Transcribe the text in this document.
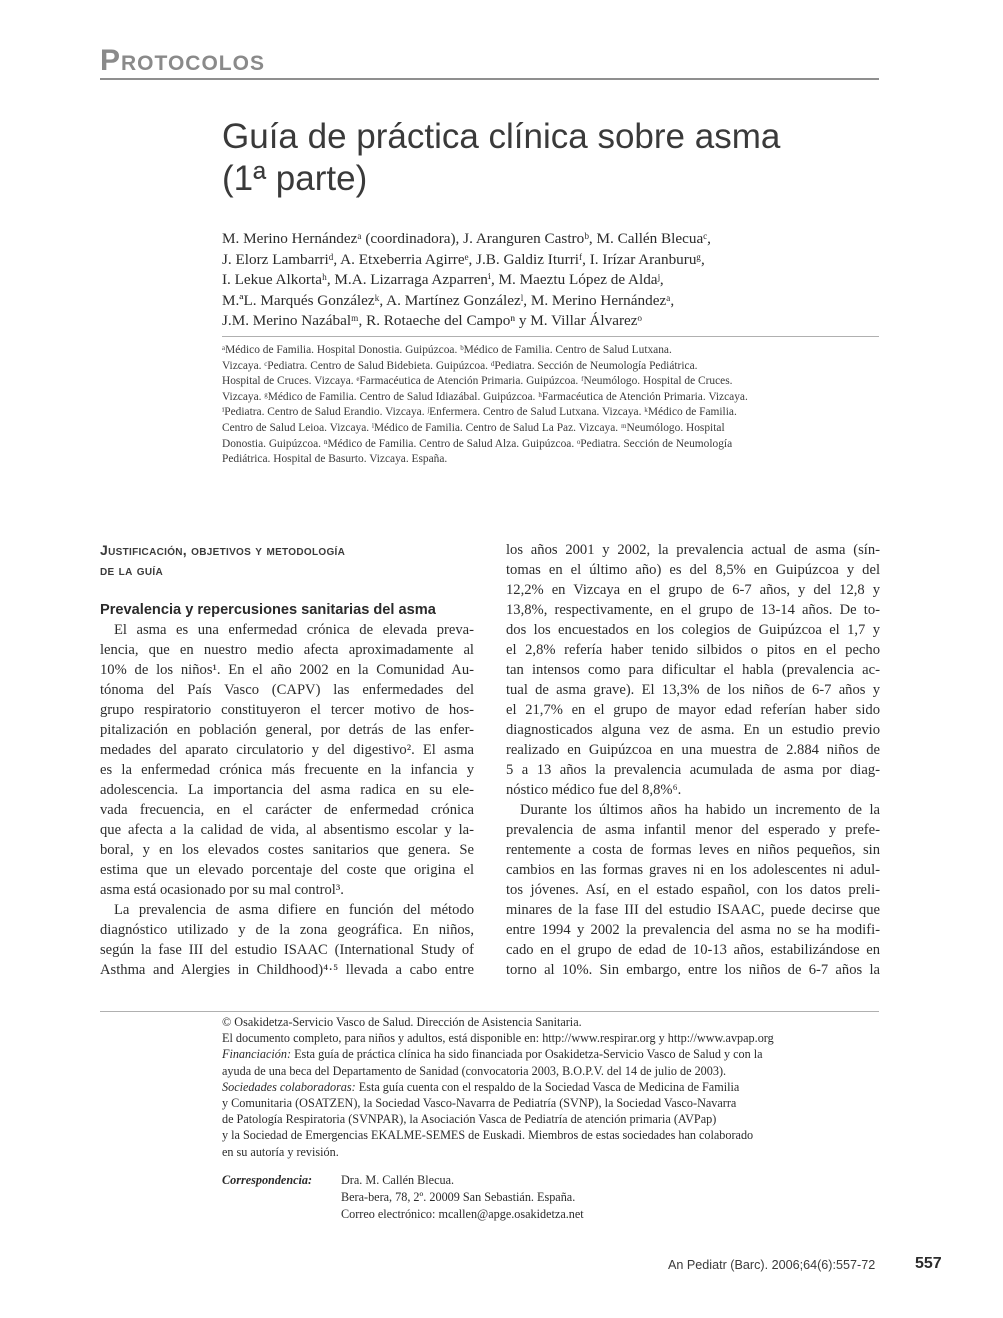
Protocolos
Guía de práctica clínica sobre asma
(1ª parte)
M. Merino Hernándezᵃ (coordinadora), J. Aranguren Castroᵇ, M. Callén Blecuaᶜ,
J. Elorz Lambarriᵈ, A. Etxeberria Agirreᵉ, J.B. Galdiz Iturriᶠ, I. Irízar Aranburuᵍ,
I. Lekue Alkortaʰ, M.A. Lizarraga Azparrenⁱ, M. Maeztu López de Aldaʲ,
M.ªL. Marqués Gonzálezᵏ, A. Martínez Gonzálezˡ, M. Merino Hernándezᵃ,
J.M. Merino Nazábalᵐ, R. Rotaeche del Campoⁿ y M. Villar Álvarezᵒ
ᵃMédico de Familia. Hospital Donostia. Guipúzcoa. ᵇMédico de Familia. Centro de Salud Lutxana.
Vizcaya. ᶜPediatra. Centro de Salud Bidebieta. Guipúzcoa. ᵈPediatra. Sección de Neumología Pediátrica.
Hospital de Cruces. Vizcaya. ᵉFarmacéutica de Atención Primaria. Guipúzcoa. ᶠNeumólogo. Hospital de Cruces.
Vizcaya. ᵍMédico de Familia. Centro de Salud Idiazábal. Guipúzcoa. ʰFarmacéutica de Atención Primaria. Vizcaya.
ⁱPediatra. Centro de Salud Erandio. Vizcaya. ʲEnfermera. Centro de Salud Lutxana. Vizcaya. ᵏMédico de Familia.
Centro de Salud Leioa. Vizcaya. ˡMédico de Familia. Centro de Salud La Paz. Vizcaya. ᵐNeumólogo. Hospital
Donostia. Guipúzcoa. ⁿMédico de Familia. Centro de Salud Alza. Guipúzcoa. ᵒPediatra. Sección de Neumología
Pediátrica. Hospital de Basurto. Vizcaya. España.
Justificación, objetivos y metodología
de la guía
Prevalencia y repercusiones sanitarias del asma
El asma es una enfermedad crónica de elevada preva-
lencia, que en nuestro medio afecta aproximadamente al
10% de los niños¹. En el año 2002 en la Comunidad Au-
tónoma del País Vasco (CAPV) las enfermedades del
grupo respiratorio constituyeron el tercer motivo de hos-
pitalización en población general, por detrás de las enfer-
medades del aparato circulatorio y del digestivo². El asma
es la enfermedad crónica más frecuente en la infancia y
adolescencia. La importancia del asma radica en su ele-
vada frecuencia, en el carácter de enfermedad crónica
que afecta a la calidad de vida, al absentismo escolar y la-
boral, y en los elevados costes sanitarios que genera. Se
estima que un elevado porcentaje del coste que origina el
asma está ocasionado por su mal control³.
La prevalencia de asma difiere en función del método
diagnóstico utilizado y de la zona geográfica. En niños,
según la fase III del estudio ISAAC (International Study of
Asthma and Alergies in Childhood)⁴·⁵ llevada a cabo entre
los años 2001 y 2002, la prevalencia actual de asma (sín-
tomas en el último año) es del 8,5% en Guipúzcoa y del
12,2% en Vizcaya en el grupo de 6-7 años, y del 12,8 y
13,8%, respectivamente, en el grupo de 13-14 años. De to-
dos los encuestados en los colegios de Guipúzcoa el 1,7 y
el 2,8% refería haber tenido silbidos o pitos en el pecho
tan intensos como para dificultar el habla (prevalencia ac-
tual de asma grave). El 13,3% de los niños de 6-7 años y
el 21,7% en el grupo de mayor edad referían haber sido
diagnosticados alguna vez de asma. En un estudio previo
realizado en Guipúzcoa en una muestra de 2.884 niños de
5 a 13 años la prevalencia acumulada de asma por diag-
nóstico médico fue del 8,8%⁶.
Durante los últimos años ha habido un incremento de la
prevalencia de asma infantil menor del esperado y prefe-
rentemente a costa de formas leves en niños pequeños, sin
cambios en las formas graves ni en los adolescentes ni adul-
tos jóvenes. Así, en el estado español, con los datos preli-
minares de la fase III del estudio ISAAC, puede decirse que
entre 1994 y 2002 la prevalencia del asma no se ha modifi-
cado en el grupo de edad de 10-13 años, estabilizándose en
torno al 10%. Sin embargo, entre los niños de 6-7 años la
© Osakidetza-Servicio Vasco de Salud. Dirección de Asistencia Sanitaria.
El documento completo, para niños y adultos, está disponible en: http://www.respirar.org y http://www.avpap.org
Financiación: Esta guía de práctica clínica ha sido financiada por Osakidetza-Servicio Vasco de Salud y con la
ayuda de una beca del Departamento de Sanidad (convocatoria 2003, B.O.P.V. del 14 de julio de 2003).
Sociedades colaboradoras: Esta guía cuenta con el respaldo de la Sociedad Vasca de Medicina de Familia
y Comunitaria (OSATZEN), la Sociedad Vasco-Navarra de Pediatría (SVNP), la Sociedad Vasco-Navarra
de Patología Respiratoria (SVNPAR), la Asociación Vasca de Pediatría de atención primaria (AVPap)
y la Sociedad de Emergencias EKALME-SEMES de Euskadi. Miembros de estas sociedades han colaborado
en su autoría y revisión.
Correspondencia: Dra. M. Callén Blecua.
Bera-bera, 78, 2º. 20009 San Sebastián. España.
Correo electrónico: mcallen@apge.osakidetza.net
An Pediatr (Barc). 2006;64(6):557-72 557
